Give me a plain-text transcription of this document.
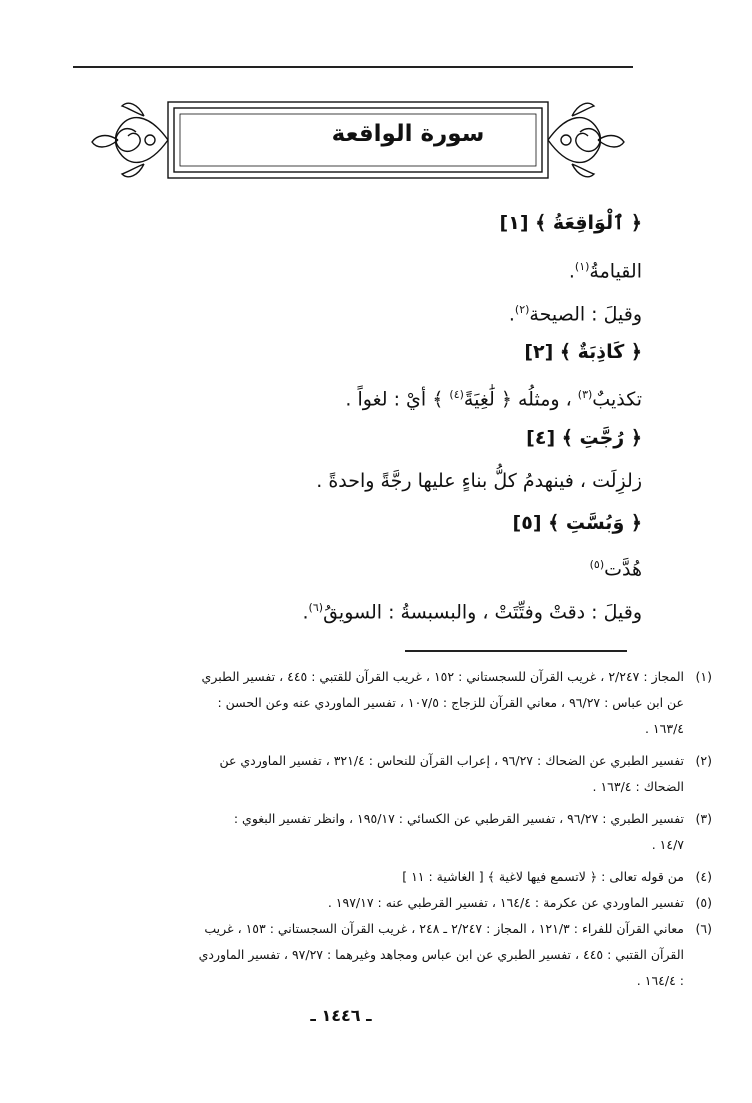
سورة الواقعة
﴿ ٱلْوَاقِعَةُ ﴾ [١]
القيامةُ$^{(١)}$.
وقيلَ : الصيحة$^{(٢)}$.
﴿ كَاذِبَةٌ ﴾ [٢]
تكذيبٌ$^{(٣)}$ ، ومثلُه ﴿ لَٰغِيَةً$^{(٤)}$ ﴾ أيْ : لغواً .
﴿ رُجَّتِ ﴾ [٤]
زلزِلَت ، فينهدمُ كلُّ بناءٍ عليها رجَّةً واحدةً .
﴿ وَبُسَّتِ ﴾ [٥]
هُدَّت$^{(٥)}$
وقيلَ : دقتْ وفتِّتَتْ ، والبسبسةُ : السويقُ$^{(٦)}$.
(١)
المجاز : ٢/٢٤٧ ، غريب القرآن للسجستاني : ١٥٢ ، غريب القرآن للقتبي : ٤٤٥ ، تفسير الطبري
عن ابن عباس : ٩٦/٢٧ ، معاني القرآن للزجاج : ١٠٧/٥ ، تفسير الماوردي عنه وعن الحسن :
١٦٣/٤ .
(٢)
تفسير الطبري عن الضحاك : ٩٦/٢٧ ، إعراب القرآن للنحاس : ٣٢١/٤ ، تفسير الماوردي عن
الضحاك : ١٦٣/٤ .
(٣)
تفسير الطبري : ٩٦/٢٧ ، تفسير القرطبي عن الكسائي : ١٩٥/١٧ ، وانظر تفسير البغوي :
١٤/٧ .
(٤)
من قوله تعالى : ﴿ لاتسمع فيها لاغية ﴾ [ الغاشية : ١١ ]
(٥)
تفسير الماوردي عن عكرمة : ١٦٤/٤ ، تفسير القرطبي عنه : ١٩٧/١٧ .
(٦)
معاني القرآن للفراء : ١٢١/٣ ، المجاز : ٢/٢٤٧ ـ ٢٤٨ ، غريب القرآن السجستاني : ١٥٣ ، غريب
القرآن القتبي : ٤٤٥ ، تفسير الطبري عن ابن عباس ومجاهد وغيرهما : ٩٧/٢٧ ، تفسير الماوردي
: ١٦٤/٤ .
ـ ١٤٤٦ ـ
